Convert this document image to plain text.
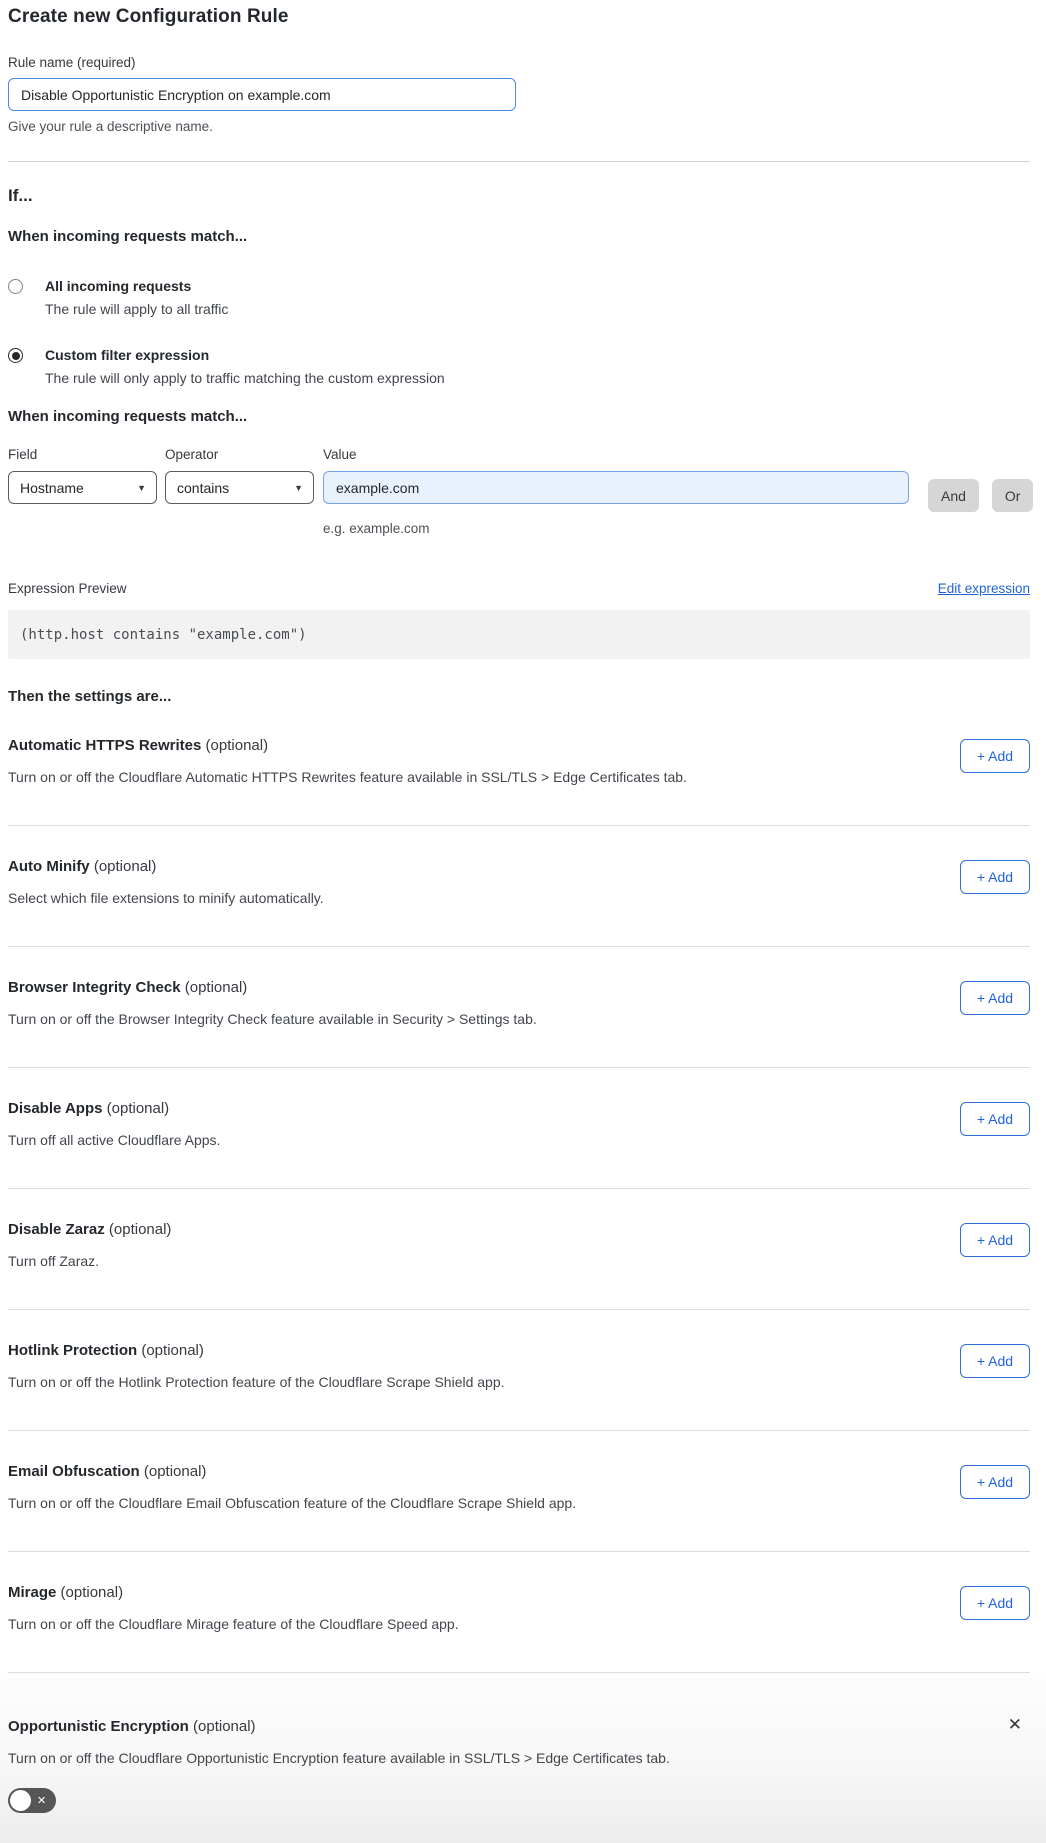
Create new Configuration Rule
Rule name (required)
Disable Opportunistic Encryption on example.com
Give your rule a descriptive name.
If...
When incoming requests match...
All incoming requests
The rule will apply to all traffic
Custom filter expression
The rule will only apply to traffic matching the custom expression
When incoming requests match...
Field
Hostname	▼
Operator
contains	▼
Value
example.com
And	Or
e.g. example.com
Expression Preview	Edit expression
(http.host contains "example.com")
Then the settings are...
Automatic HTTPS Rewrites (optional)
Turn on or off the Cloudflare Automatic HTTPS Rewrites feature available in SSL/TLS > Edge Certificates tab.
+ Add
Auto Minify (optional)
Select which file extensions to minify automatically.
+ Add
Browser Integrity Check (optional)
Turn on or off the Browser Integrity Check feature available in Security > Settings tab.
+ Add
Disable Apps (optional)
Turn off all active Cloudflare Apps.
+ Add
Disable Zaraz (optional)
Turn off Zaraz.
+ Add
Hotlink Protection (optional)
Turn on or off the Hotlink Protection feature of the Cloudflare Scrape Shield app.
+ Add
Email Obfuscation (optional)
Turn on or off the Cloudflare Email Obfuscation feature of the Cloudflare Scrape Shield app.
+ Add
Mirage (optional)
Turn on or off the Cloudflare Mirage feature of the Cloudflare Speed app.
+ Add
Opportunistic Encryption (optional)	✕
Turn on or off the Cloudflare Opportunistic Encryption feature available in SSL/TLS > Edge Certificates tab.
✕
